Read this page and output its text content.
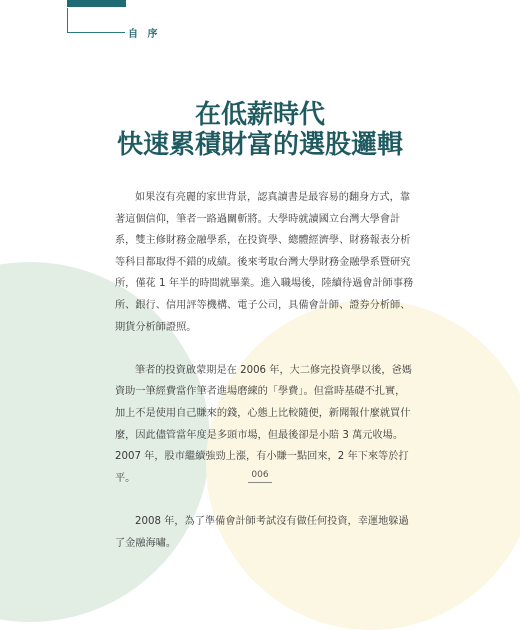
自 序
在低薪時代
快速累積財富的選股邏輯

如果沒有亮麗的家世背景，認真讀書是最容易的翻身方式，靠著這個信仰，筆者一路過關斬將。大學時就讀國立台灣大學會計系，雙主修財務金融學系，在投資學、總體經濟學、財務報表分析等科目都取得不錯的成績。後來考取台灣大學財務金融學系暨研究所，僅花 1 年半的時間就畢業。進入職場後，陸續待過會計師事務所、銀行、信用評等機構、電子公司，具備會計師、證券分析師、期貨分析師證照。

筆者的投資啟蒙期是在 2006 年，大二修完投資學以後，爸媽資助一筆經費當作筆者進場磨練的「學費」。但當時基礎不扎實，加上不是使用自己賺來的錢，心態上比較隨便，新聞報什麼就買什麼，因此儘管當年度是多頭市場，但最後卻是小賠 3 萬元收場。2007 年，股市繼續強勁上漲，有小賺一點回來，2 年下來等於打平。

2008 年，為了準備會計師考試沒有做任何投資，幸運地躲過了金融海嘯。

006
